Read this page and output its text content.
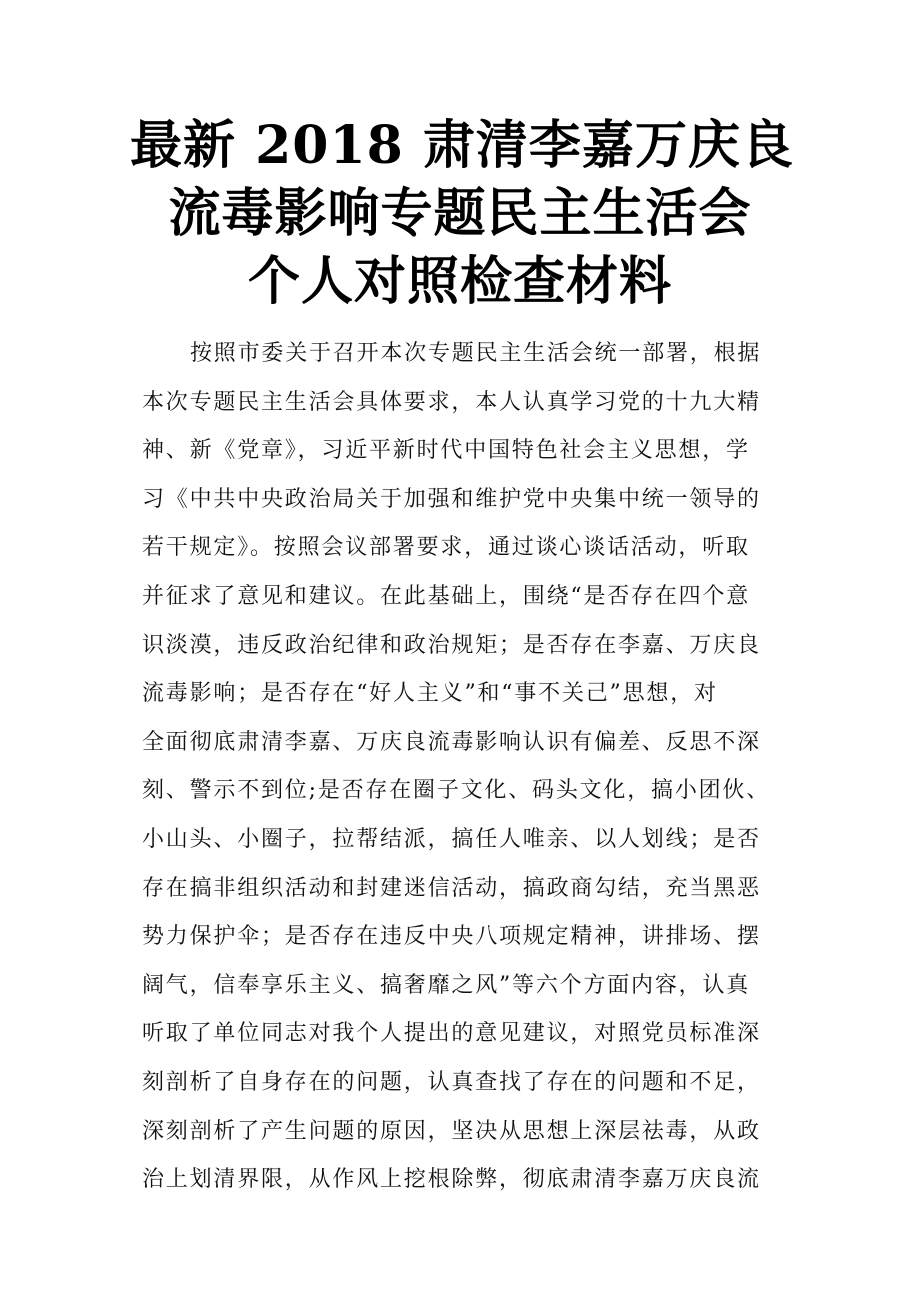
最新 2018 肃清李嘉万庆良
流毒影响专题民主生活会
个人对照检查材料
按照市委关于召开本次专题民主生活会统一部署，根据
本次专题民主生活会具体要求，本人认真学习党的十九大精
神、新《党章》，习近平新时代中国特色社会主义思想，学
习《中共中央政治局关于加强和维护党中央集中统一领导的
若干规定》。按照会议部署要求，通过谈心谈话活动，听取
并征求了意见和建议。在此基础上，围绕“是否存在四个意
识淡漠，违反政治纪律和政治规矩；是否存在李嘉、万庆良
流毒影响；是否存在“好人主义”和“事不关己”思想，对
全面彻底肃清李嘉、万庆良流毒影响认识有偏差、反思不深
刻、警示不到位;是否存在圈子文化、码头文化，搞小团伙、
小山头、小圈子，拉帮结派，搞任人唯亲、以人划线；是否
存在搞非组织活动和封建迷信活动，搞政商勾结，充当黑恶
势力保护伞；是否存在违反中央八项规定精神，讲排场、摆
阔气，信奉享乐主义、搞奢靡之风”等六个方面内容，认真
听取了单位同志对我个人提出的意见建议，对照党员标准深
刻剖析了自身存在的问题，认真查找了存在的问题和不足，
深刻剖析了产生问题的原因，坚决从思想上深层祛毒，从政
治上划清界限，从作风上挖根除弊，彻底肃清李嘉万庆良流
